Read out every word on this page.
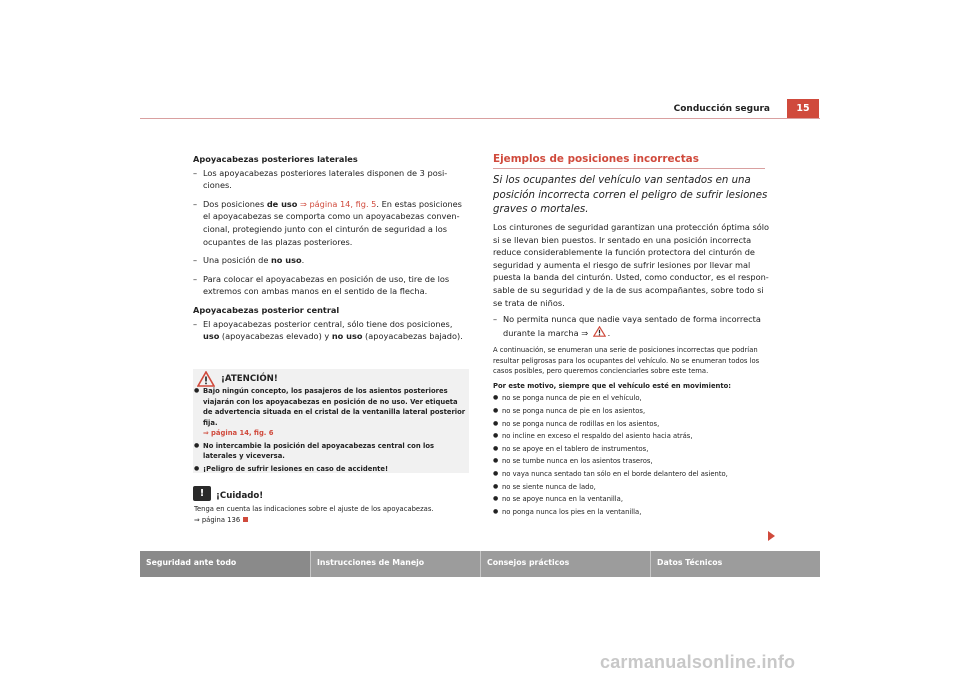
Conducción segura	15
Apoyacabezas posteriores laterales
– Los apoyacabezas posteriores laterales disponen de 3 posi-ciones.
– Dos posiciones de uso ⇒ página 14, fig. 5. En estas posiciones el apoyacabezas se comporta como un apoyacabezas conven-cional, protegiendo junto con el cinturón de seguridad a los ocupantes de las plazas posteriores.
– Una posición de no uso.
– Para colocar el apoyacabezas en posición de uso, tire de los extremos con ambas manos en el sentido de la flecha.
Apoyacabezas posterior central
– El apoyacabezas posterior central, sólo tiene dos posiciones, uso (apoyacabezas elevado) y no uso (apoyacabezas bajado).
¡ATENCIÓN!
● Bajo ningún concepto, los pasajeros de los asientos posteriores viajarán con los apoyacabezas en posición de no uso. Ver etiqueta de advertencia situada en el cristal de la ventanilla lateral posterior fija.
⇒ página 14, fig. 6
● No intercambie la posición del apoyacabezas central con los laterales y viceversa.
● ¡Peligro de sufrir lesiones en caso de accidente!
!	¡Cuidado!
Tenga en cuenta las indicaciones sobre el ajuste de los apoyacabezas.
⇒ página 136
Ejemplos de posiciones incorrectas
Si los ocupantes del vehículo van sentados en una posición incorrecta corren el peligro de sufrir lesiones graves o mortales.
Los cinturones de seguridad garantizan una protección óptima sólo si se llevan bien puestos. Ir sentado en una posición incorrecta reduce considerablemente la función protectora del cinturón de seguridad y aumenta el riesgo de sufrir lesiones por llevar mal puesta la banda del cinturón. Usted, como conductor, es el respon-sable de su seguridad y de la de sus acompañantes, sobre todo si se trata de niños.
– No permita nunca que nadie vaya sentado de forma incorrecta durante la marcha ⇒ .
A continuación, se enumeran una serie de posiciones incorrectas que podrían resultar peligrosas para los ocupantes del vehículo. No se enumeran todos los casos posibles, pero queremos concienciarles sobre este tema.
Por este motivo, siempre que el vehículo esté en movimiento:
● no se ponga nunca de pie en el vehículo,
● no se ponga nunca de pie en los asientos,
● no se ponga nunca de rodillas en los asientos,
● no incline en exceso el respaldo del asiento hacia atrás,
● no se apoye en el tablero de instrumentos,
● no se tumbe nunca en los asientos traseros,
● no vaya nunca sentado tan sólo en el borde delantero del asiento,
● no se siente nunca de lado,
● no se apoye nunca en la ventanilla,
● no ponga nunca los pies en la ventanilla,
Seguridad ante todo	Instrucciones de Manejo	Consejos prácticos	Datos Técnicos
carmanualsonline.info
